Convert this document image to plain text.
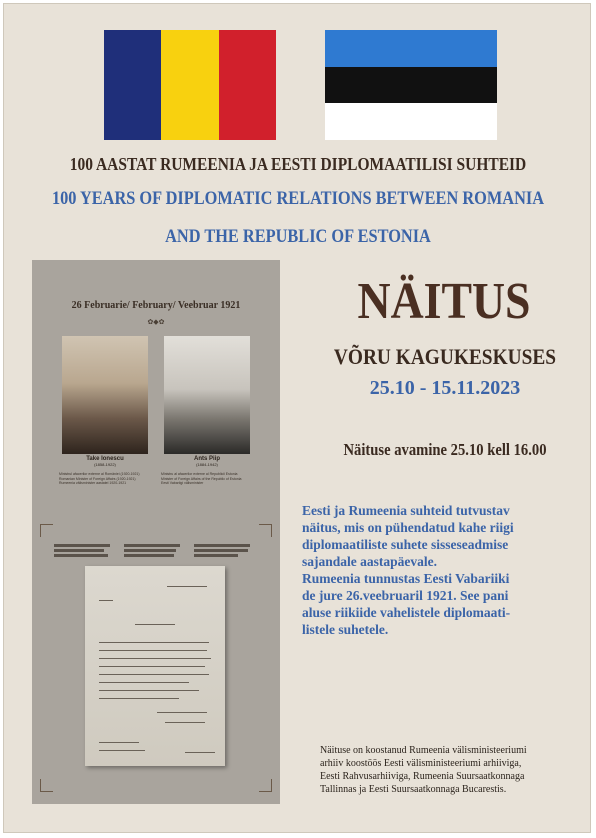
100 AASTAT RUMEENIA JA EESTI DIPLOMAATILISI SUHTEID
100 YEARS OF DIPLOMATIC RELATIONS BETWEEN ROMANIA
AND THE REPUBLIC OF ESTONIA
26 Februarie/ February/ Veebruar 1921
✿◆✿
Take Ionescu
(1858-1922)
Ants Piip
(1884-1942)
Ministrul afacerilor externe al României (1920-1921)
Romanian Minister of Foreign Affairs (1920-1921)
Rumeenia välisminister aastatel 1920-1921
Ministru al afacerilor externe al Republicii Estonia
Minister of Foreign Affairs of the Republic of Estonia
Eesti Vabariigi välisminister
NÄITUS
VÕRU KAGUKESKUSES
25.10 - 15.11.2023
Näituse avamine 25.10 kell 16.00

Eesti ja Rumeenia suhteid tutvustav

näitus, mis on pühendatud kahe riigi

diplomaatiliste suhete sisseseadmise

sajandale aastapäevale.

Rumeenia tunnustas Eesti Vabariiki

de jure 26.veebruaril 1921. See pani

aluse riikiide vahelistele diplomaati-

listele suhetele.

Näituse on koostanud Rumeenia välisministeeriumi

arhiiv koostöös Eesti välisministeeriumi arhiiviga,

Eesti Rahvusarhiiviga, Rumeenia Suursaatkonnaga

Tallinnas ja Eesti Suursaatkonnaga Bucarestis.
